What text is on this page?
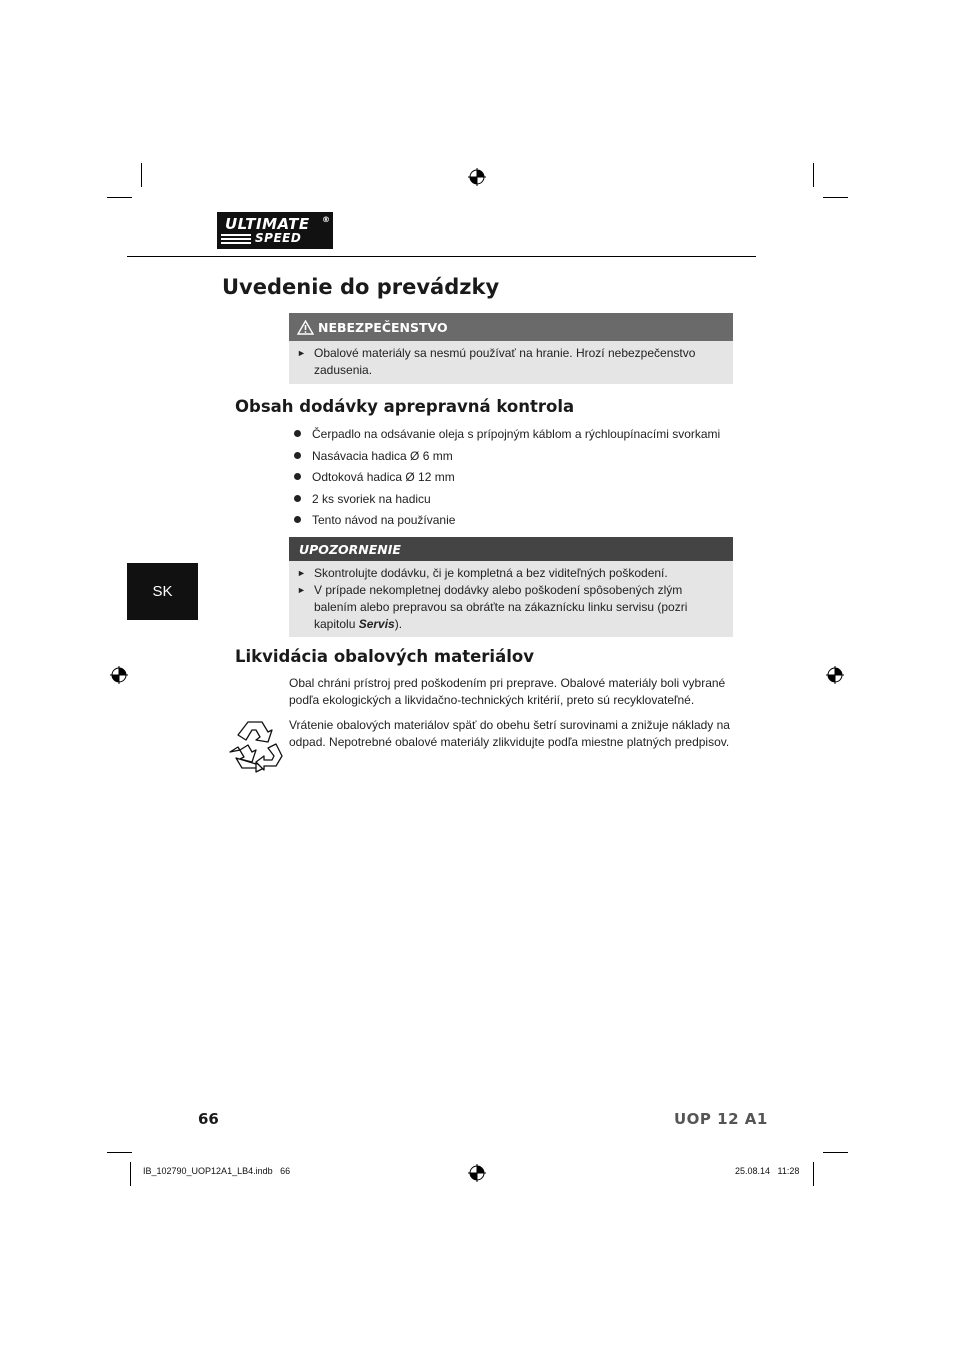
ULTIMATE
SPEED
®
Uvedenie do prevádzky
NEBEZPEČENSTVO
► Obalové materiály sa nesmú používať na hranie. Hrozí nebezpečenstvo zadusenia.
Obsah dodávky aprepravná kontrola
Čerpadlo na odsávanie oleja s prípojným káblom a rýchloupínacími svorkami
Nasávacia hadica Ø 6 mm
Odtoková hadica Ø 12 mm
2 ks svoriek na hadicu
Tento návod na používanie
UPOZORNENIE
► Skontrolujte dodávku, či je kompletná a bez viditeľných poškodení.
► V prípade nekompletnej dodávky alebo poškodení spôsobených zlým balením alebo prepravou sa obráťte na zákaznícku linku servisu (pozri kapitolu Servis).
SK
Likvidácia obalových materiálov

Obal chráni prístroj pred poškodením pri preprave. Obalové materiály boli vybrané podľa ekologických a likvidačno-technických kritérií, preto sú recyklovateľné.

Vrátenie obalových materiálov späť do obehu šetrí surovinami a znižuje náklady na odpad. Nepotrebné obalové materiály zlikvidujte podľa miestne platných predpisov.

66	UOP 12 A1
IB_102790_UOP12A1_LB4.indb   66	25.08.14   11:28
